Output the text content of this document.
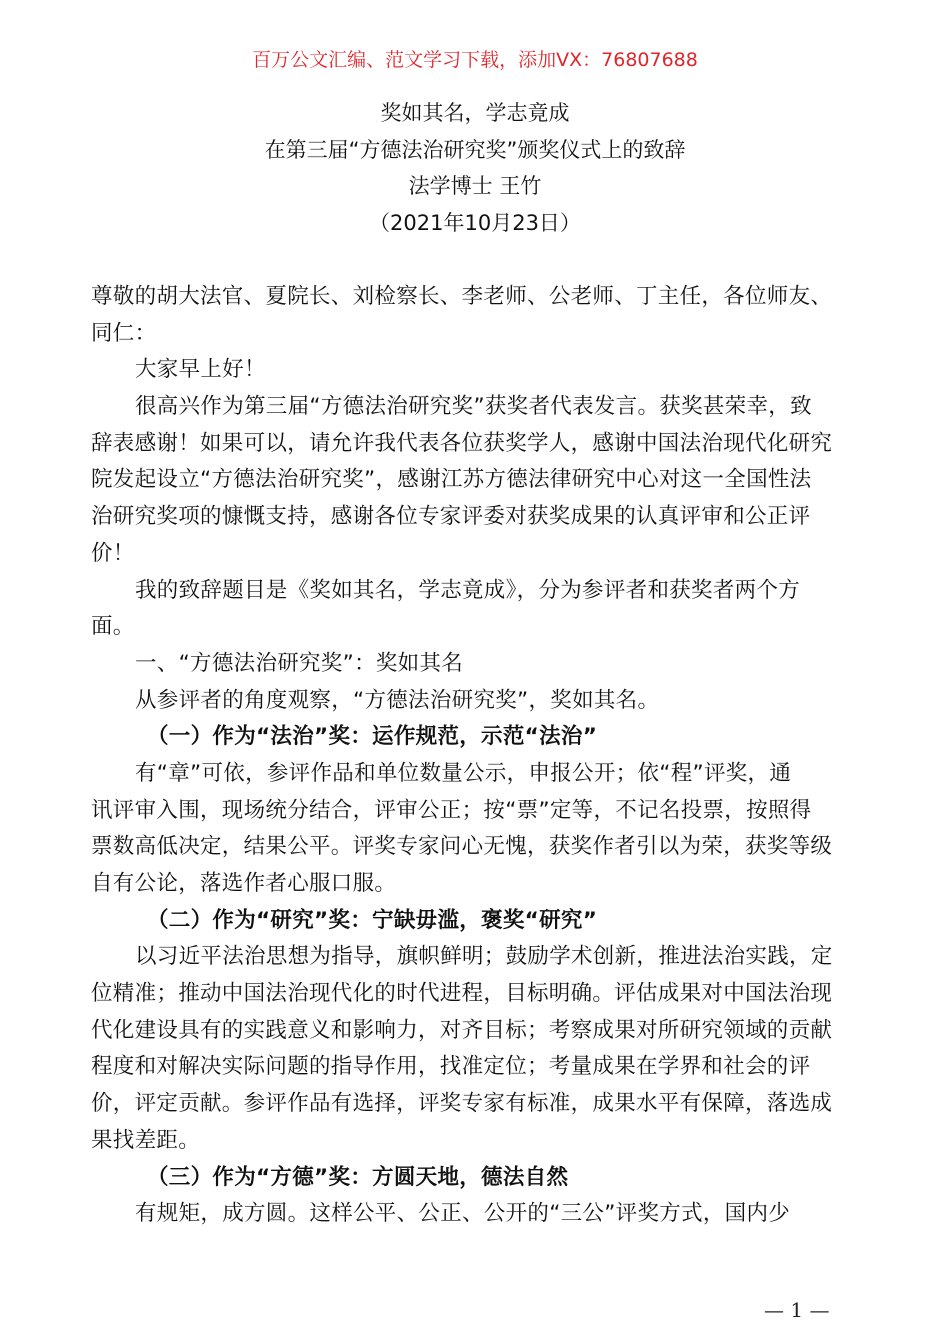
百万公文汇编、范文学习下载，添加VX：76807688
奖如其名，学志竟成
在第三届“方德法治研究奖”颁奖仪式上的致辞
法学博士 王竹
（2021年10月23日）
尊敬的胡大法官、夏院长、刘检察长、李老师、公老师、丁主任，各位师友、
同仁：
大家早上好！
很高兴作为第三届“方德法治研究奖”获奖者代表发言。获奖甚荣幸，致
辞表感谢！如果可以，请允许我代表各位获奖学人，感谢中国法治现代化研究
院发起设立“方德法治研究奖”，感谢江苏方德法律研究中心对这一全国性法
治研究奖项的慷慨支持，感谢各位专家评委对获奖成果的认真评审和公正评
价！
我的致辞题目是《奖如其名，学志竟成》，分为参评者和获奖者两个方
面。
一、“方德法治研究奖”：奖如其名
从参评者的角度观察，“方德法治研究奖”，奖如其名。
（一）作为“法治”奖：运作规范，示范“法治”
有“章”可依，参评作品和单位数量公示，申报公开；依“程”评奖，通
讯评审入围，现场统分结合，评审公正；按“票”定等，不记名投票，按照得
票数高低决定，结果公平。评奖专家问心无愧，获奖作者引以为荣，获奖等级
自有公论，落选作者心服口服。
（二）作为“研究”奖：宁缺毋滥，褒奖“研究”
以习近平法治思想为指导，旗帜鲜明；鼓励学术创新，推进法治实践，定
位精准；推动中国法治现代化的时代进程，目标明确。评估成果对中国法治现
代化建设具有的实践意义和影响力，对齐目标；考察成果对所研究领域的贡献
程度和对解决实际问题的指导作用，找准定位；考量成果在学界和社会的评
价，评定贡献。参评作品有选择，评奖专家有标准，成果水平有保障，落选成
果找差距。
（三）作为“方德”奖：方圆天地，德法自然
有规矩，成方圆。这样公平、公正、公开的“三公”评奖方式，国内少
— 1 —
